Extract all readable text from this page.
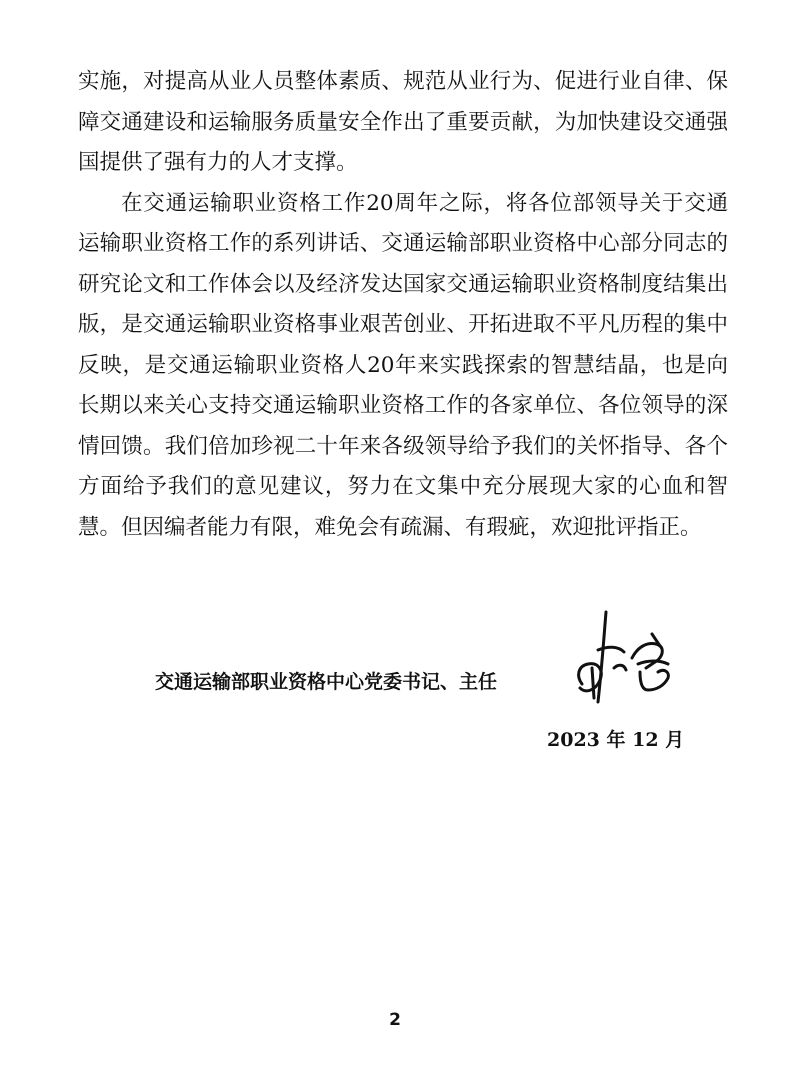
实施，对提高从业人员整体素质、规范从业行为、促进行业自律、保障交通建设和运输服务质量安全作出了重要贡献，为加快建设交通强国提供了强有力的人才支撑。

在交通运输职业资格工作20周年之际，将各位部领导关于交通运输职业资格工作的系列讲话、交通运输部职业资格中心部分同志的研究论文和工作体会以及经济发达国家交通运输职业资格制度结集出版，是交通运输职业资格事业艰苦创业、开拓进取不平凡历程的集中反映，是交通运输职业资格人20年来实践探索的智慧结晶，也是向长期以来关心支持交通运输职业资格工作的各家单位、各位领导的深情回馈。我们倍加珍视二十年来各级领导给予我们的关怀指导、各个方面给予我们的意见建议，努力在文集中充分展现大家的心血和智慧。但因编者能力有限，难免会有疏漏、有瑕疵，欢迎批评指正。

交通运输部职业资格中心党委书记、主任
2023 年 12 月
2
